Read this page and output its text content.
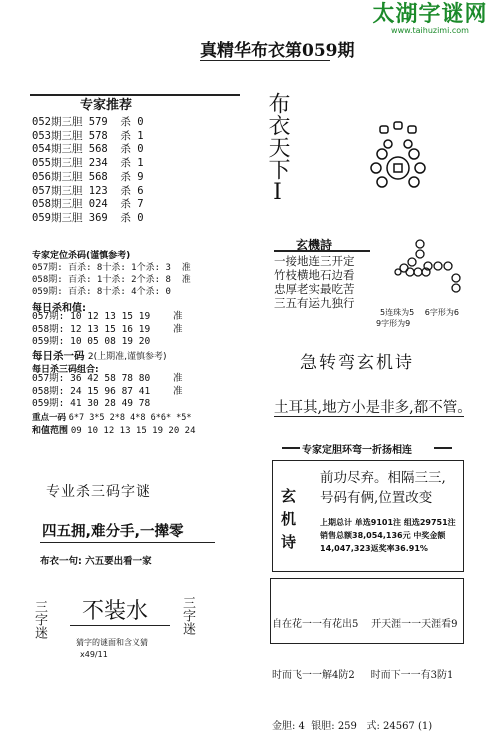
太湖字谜网
www.taihuzimi.com
真精华布衣第059期
专家推荐
052期三胆 579  杀 0
053期三胆 578  杀 1
054期三胆 568  杀 0
055期三胆 234  杀 1
056期三胆 568  杀 9
057期三胆 123  杀 6
058期三胆 024  杀 7
059期三胆 369  杀 0
专家定位杀码(谨慎参考)
057期: 百杀: 8十杀: 1个杀: 3  准
058期: 百杀: 1十杀: 2个杀: 8  准
059期: 百杀: 8十杀: 4个杀: 0
每日杀和值:
057期: 10 12 13 15 19    准
058期: 12 13 15 16 19    准
059期: 10 05 08 19 20
每日杀一码 2(上期准,谨慎参考)
每日杀三码组合:
057期: 36 42 58 78 80    准
058期: 24 15 96 87 41    准
059期: 41 30 28 49 78
重点一码 6*7 3*5 2*8 4*8 6*6* *5*
和值范围 09 10 12 13 15 19 20 24
布衣天下Ⅰ
玄機詩
一接地连三开定
竹枝横地石边看
忠厚老实最吃苦
三五有运九独行
5连珠为5 6字形为6
9字形为9
急转弯玄机诗
土耳其,地方小是非多,都不管。
专业杀三码字谜
四五拥,难分手,一撵零
布衣一句: 六五要出看一家
三字迷	三字迷
不装水
猜字的谜面和含义猜
x49/11
专家定胆环弯一折扬相连
玄机诗
前功尽弃。相隔三三,
号码有俩,位置改变
上期总计 单选9101注 组选29751注
销售总额38,054,136元 中奖金额
14,047,323返奖率36.91%

自在花一一有花出5    开天涯一一天涯看9

时而飞一一解4防2     时而下一一有3防1

金胆: 4  银胆: 259   式: 24567 (1)
